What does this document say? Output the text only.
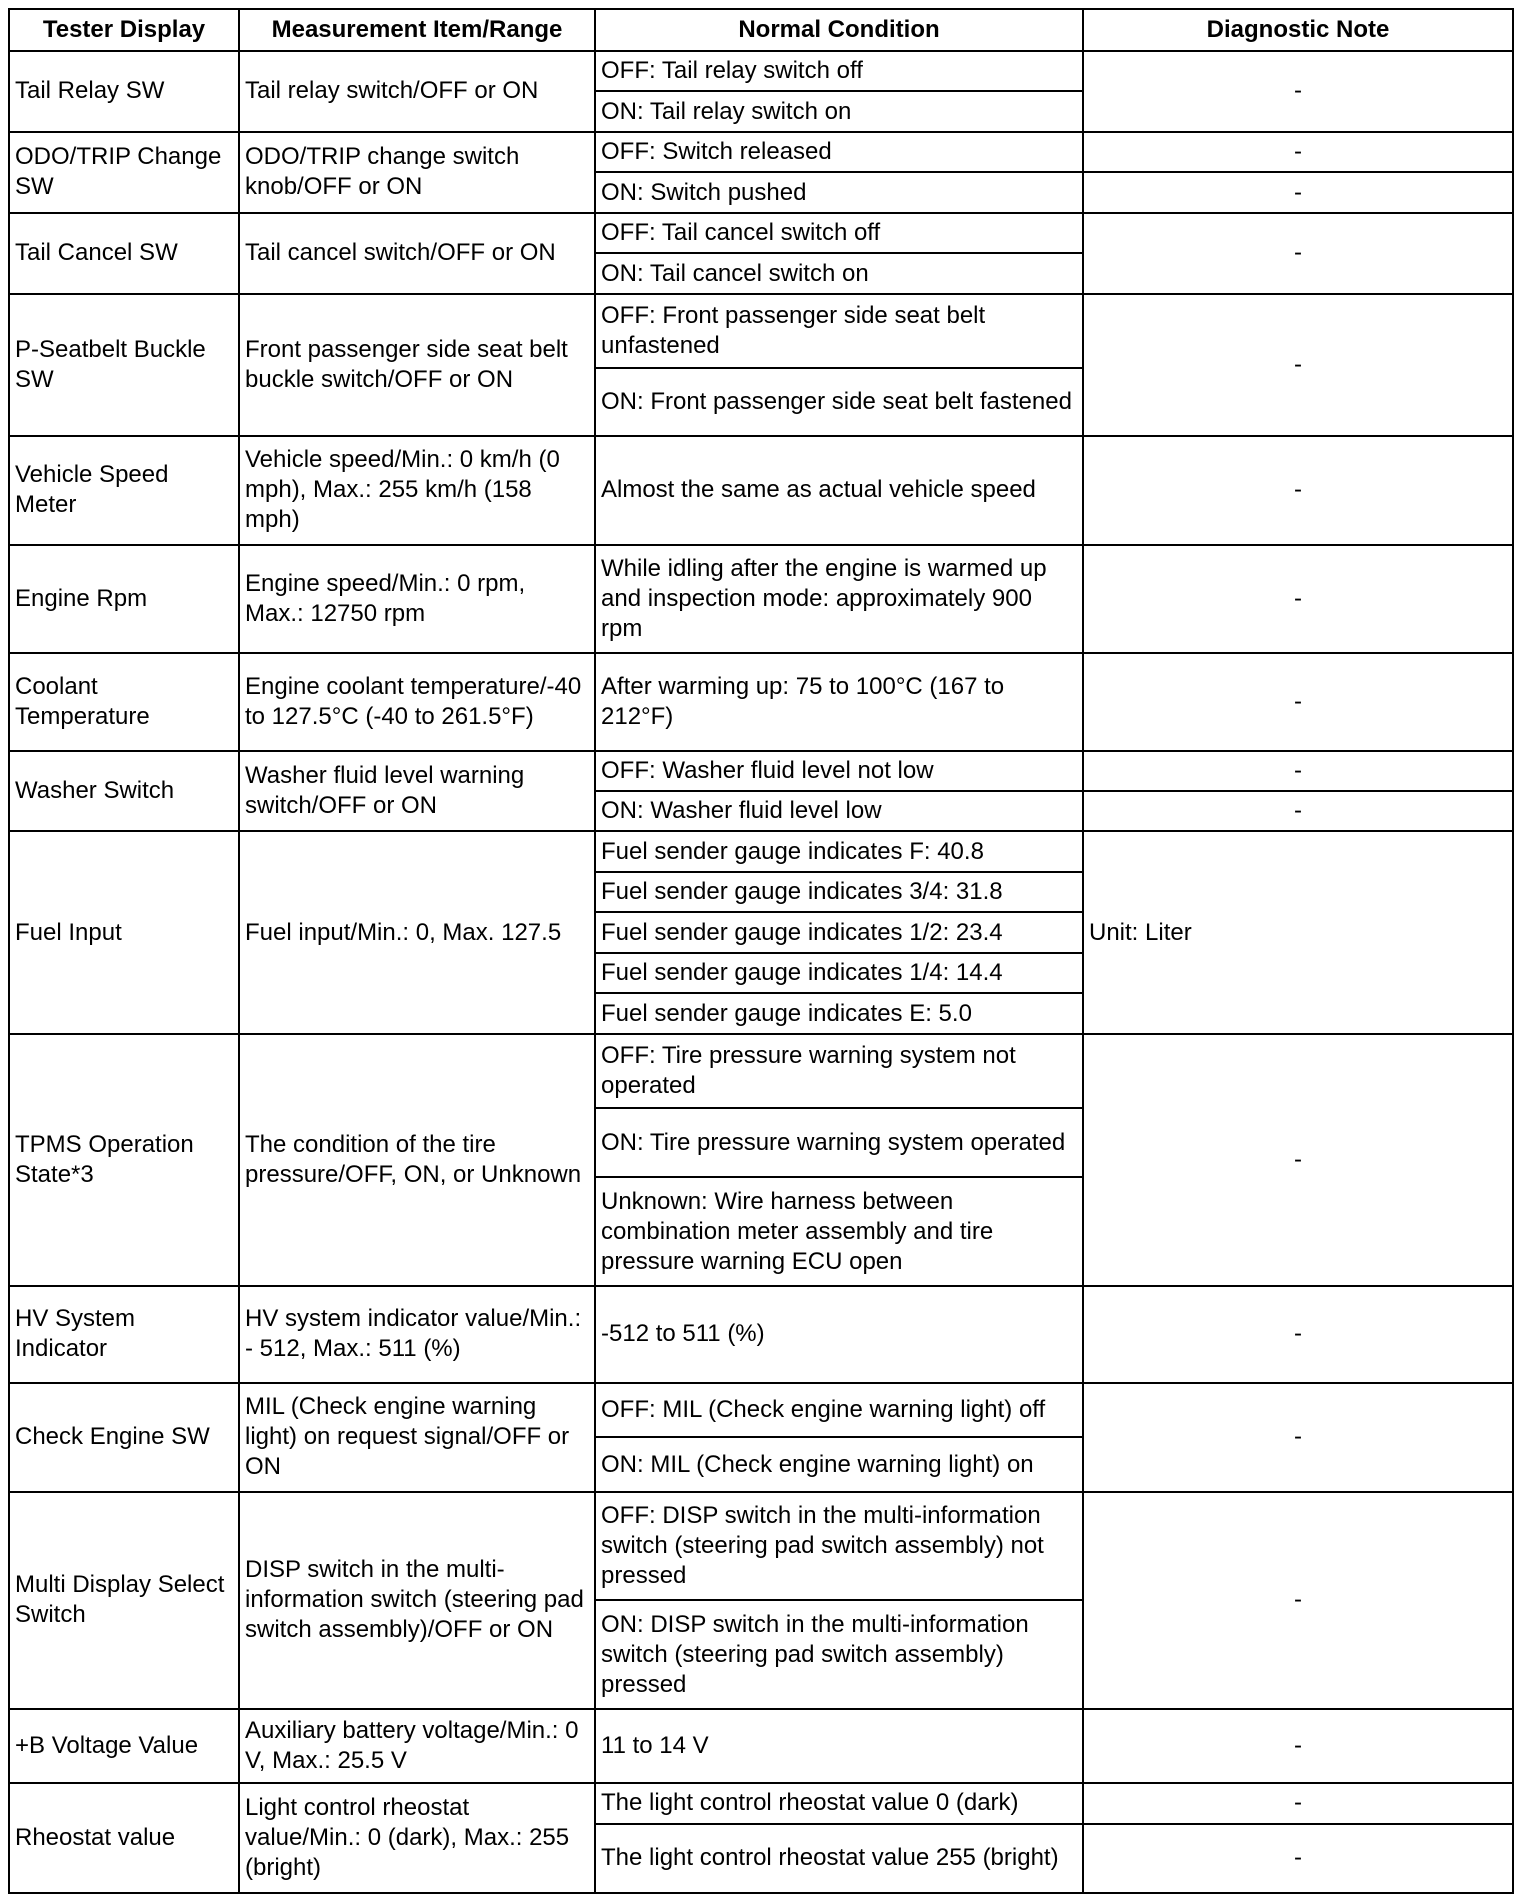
Tester Display	Measurement Item/Range	Normal Condition	Diagnostic Note
Tail Relay SW	Tail relay switch/OFF or ON	OFF: Tail relay switch off	-
		ON: Tail relay switch on	
ODO/TRIP Change SW	ODO/TRIP change switch knob/OFF or ON	OFF: Switch released	-
		ON: Switch pushed	-
Tail Cancel SW	Tail cancel switch/OFF or ON	OFF: Tail cancel switch off	-
		ON: Tail cancel switch on	
P-Seatbelt Buckle SW	Front passenger side seat belt buckle switch/OFF or ON	OFF: Front passenger side seat belt unfastened	-
		ON: Front passenger side seat belt fastened	
Vehicle Speed Meter	Vehicle speed/Min.: 0 km/h (0 mph), Max.: 255 km/h (158 mph)	Almost the same as actual vehicle speed	-
Engine Rpm	Engine speed/Min.: 0 rpm, Max.: 12750 rpm	While idling after the engine is warmed up and inspection mode: approximately 900 rpm	-
Coolant Temperature	Engine coolant temperature/-40 to 127.5°C (-40 to 261.5°F)	After warming up: 75 to 100°C (167 to 212°F)	-
Washer Switch	Washer fluid level warning switch/OFF or ON	OFF: Washer fluid level not low	-
		ON: Washer fluid level low	-
Fuel Input	Fuel input/Min.: 0, Max. 127.5	Fuel sender gauge indicates F: 40.8	Unit: Liter
		Fuel sender gauge indicates 3/4: 31.8	
		Fuel sender gauge indicates 1/2: 23.4	
		Fuel sender gauge indicates 1/4: 14.4	
		Fuel sender gauge indicates E: 5.0	
TPMS Operation State*3	The condition of the tire pressure/OFF, ON, or Unknown	OFF: Tire pressure warning system not operated	-
		ON: Tire pressure warning system operated	
		Unknown: Wire harness between combination meter assembly and tire pressure warning ECU open	
HV System Indicator	HV system indicator value/Min.: - 512, Max.: 511 (%)	-512 to 511 (%)	-
Check Engine SW	MIL (Check engine warning light) on request signal/OFF or ON	OFF: MIL (Check engine warning light) off	-
		ON: MIL (Check engine warning light) on	
Multi Display Select Switch	DISP switch in the multi-information switch (steering pad switch assembly)/OFF or ON	OFF: DISP switch in the multi-information switch (steering pad switch assembly) not pressed	-
		ON: DISP switch in the multi-information switch (steering pad switch assembly) pressed	
+B Voltage Value	Auxiliary battery voltage/Min.: 0 V, Max.: 25.5 V	11 to 14 V	-
Rheostat value	Light control rheostat value/Min.: 0 (dark), Max.: 255 (bright)	The light control rheostat value 0 (dark)	-
		The light control rheostat value 255 (bright)	-
